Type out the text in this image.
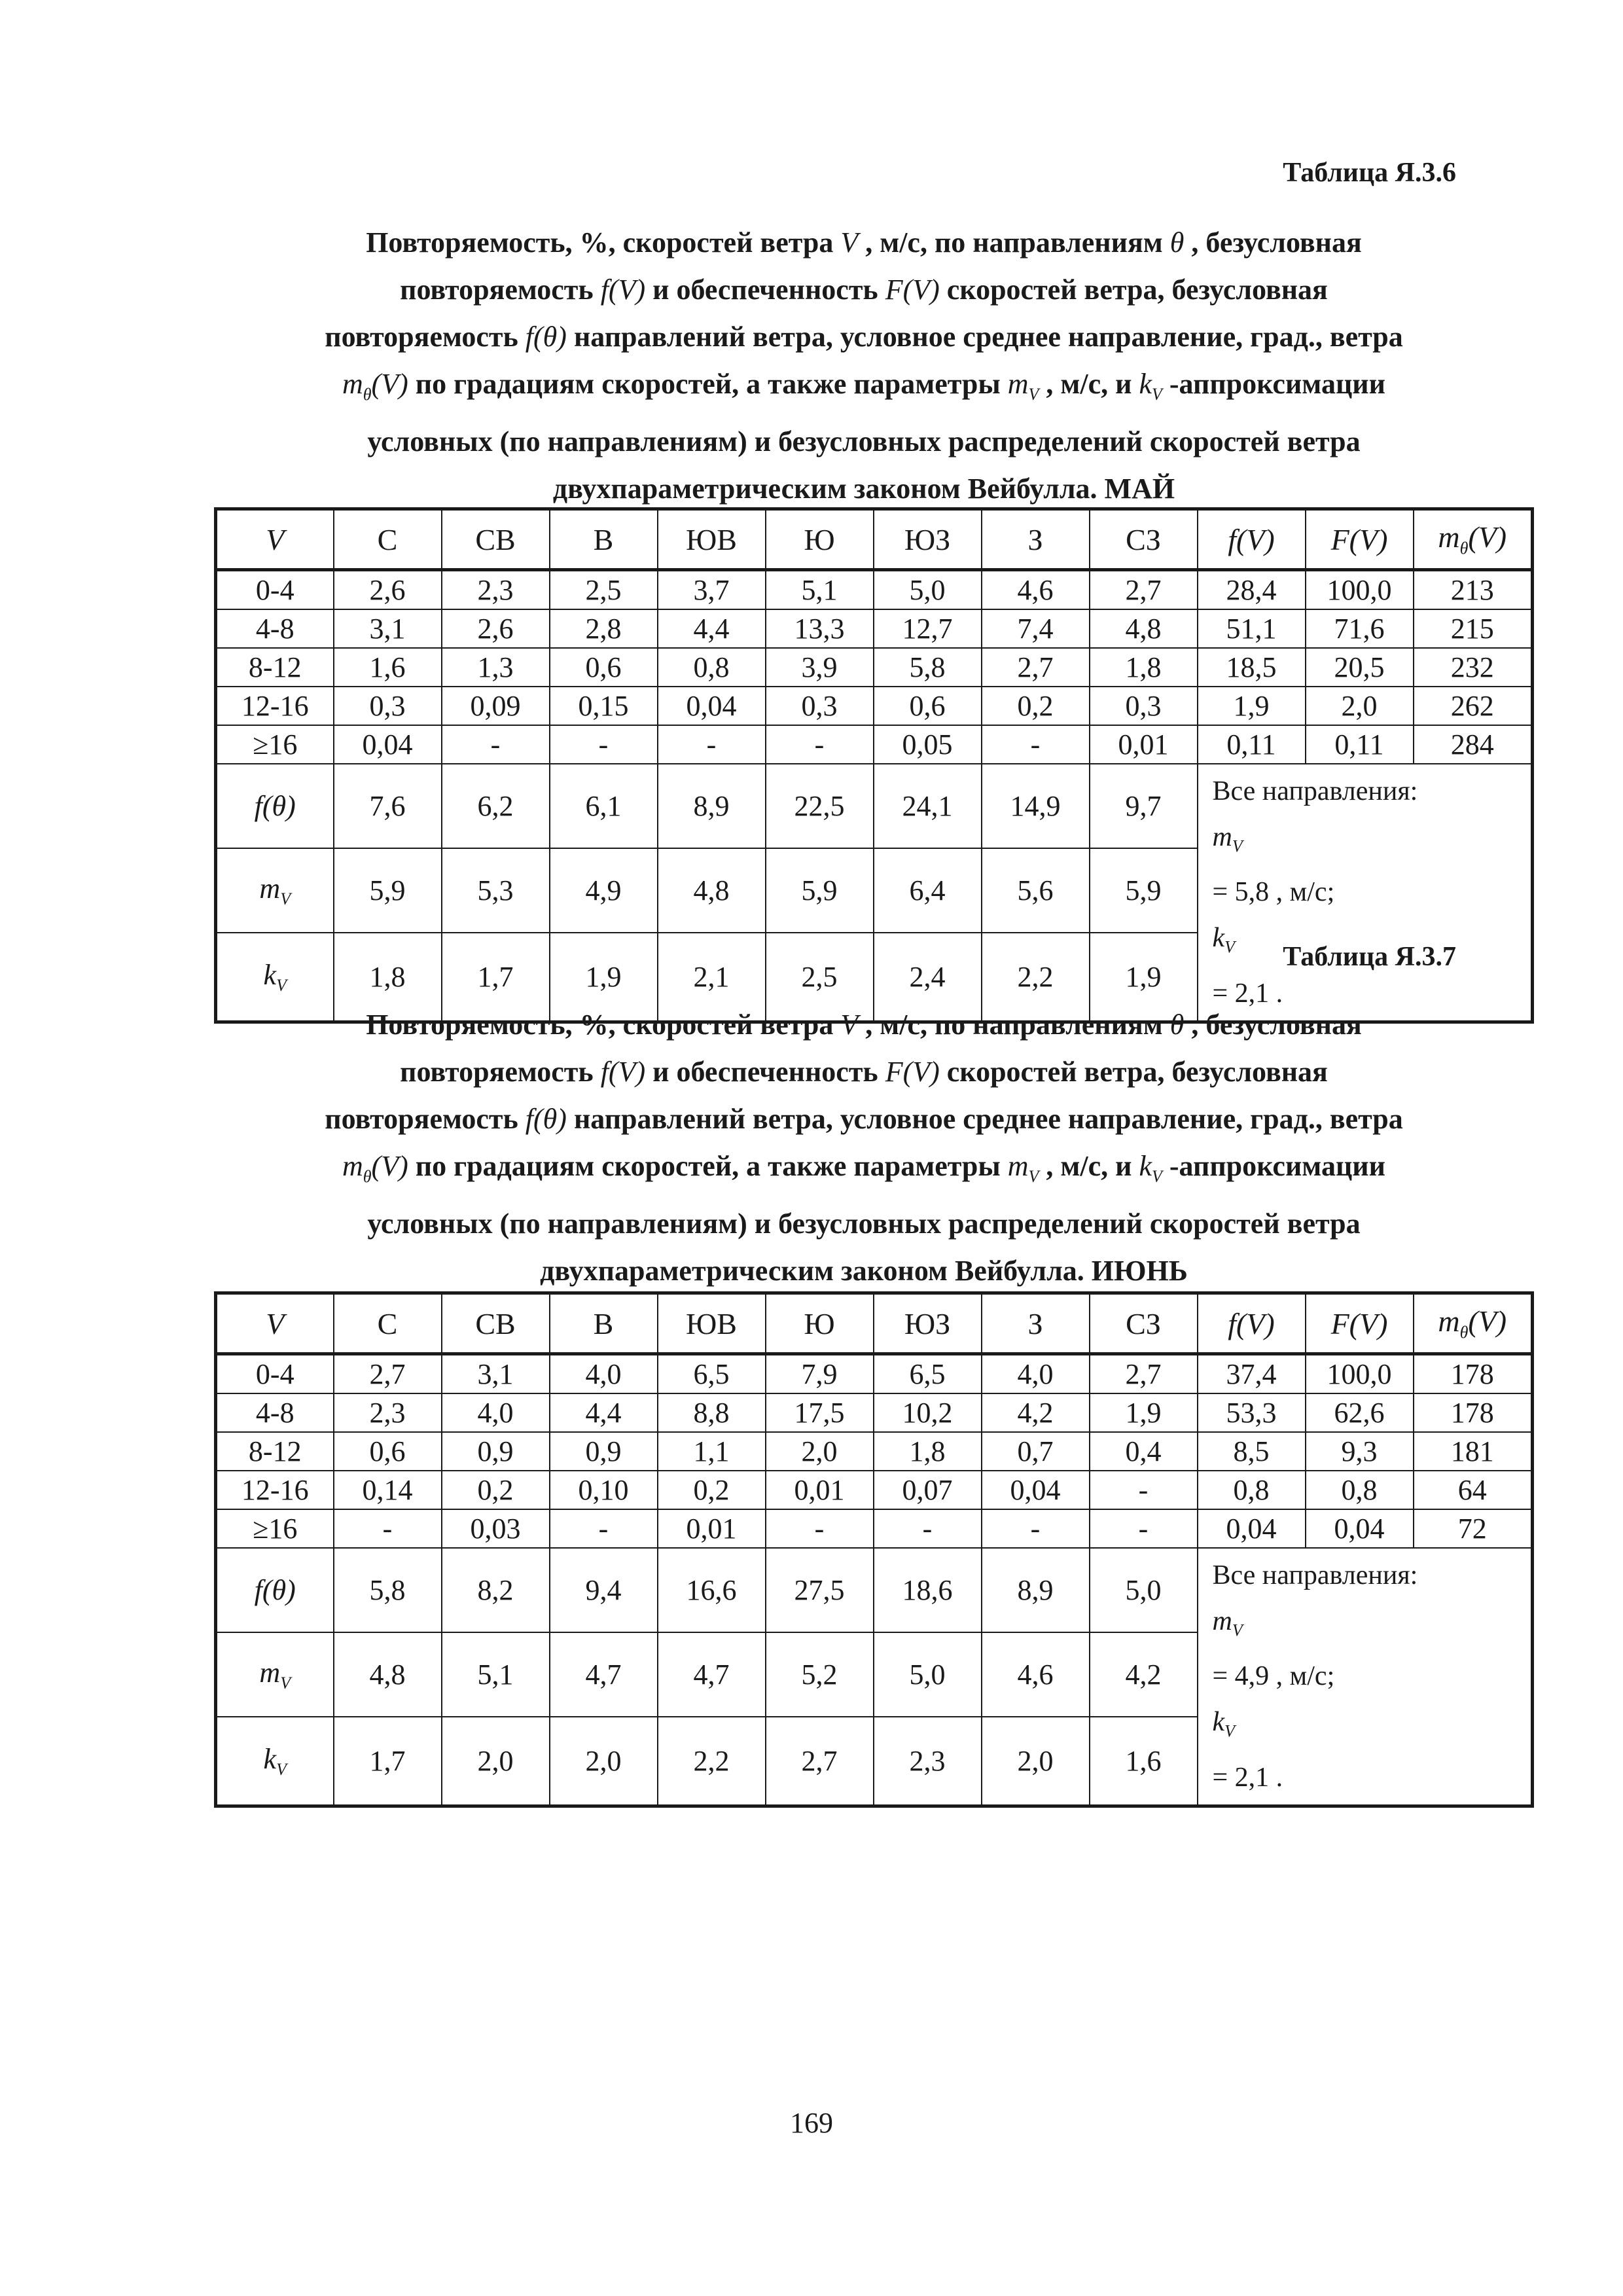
Таблица Я.3.6
Повторяемость, %, скоростей ветра V , м/с, по направлениям θ , безусловная
повторяемость f(V) и обеспеченность F(V) скоростей ветра, безусловная
повторяемость f(θ) направлений ветра, условное среднее направление, град., ветра
$m_\theta(V)$ по градациям скоростей, а также параметры $m_V$ , м/с, и $k_V$ -аппроксимации
условных (по направлениям) и безусловных распределений скоростей ветра
двухпараметрическим законом Вейбулла. МАЙ
V	С	СВ	В	ЮВ	Ю	ЮЗ	З	СЗ	f(V)	F(V)	$m_\theta(V)$
0-4	2,6	2,3	2,5	3,7	5,1	5,0	4,6	2,7	28,4	100,0	213
4-8	3,1	2,6	2,8	4,4	13,3	12,7	7,4	4,8	51,1	71,6	215
8-12	1,6	1,3	0,6	0,8	3,9	5,8	2,7	1,8	18,5	20,5	232
12-16	0,3	0,09	0,15	0,04	0,3	0,6	0,2	0,3	1,9	2,0	262
≥16	0,04	-	-	-	-	0,05	-	0,01	0,11	0,11	284
f(θ)	7,6	6,2	6,1	8,9	22,5	24,1	14,9	9,7	Все направления:
$m_V$
= 5,8 , м/с;
$k_V$
= 2,1 .		

$m_V$	5,9	5,3	4,9	4,8	5,9	6,4	5,6	5,9			
$k_V$	1,8	1,7	1,9	2,1	2,5	2,4	2,2	1,9			
Таблица Я.3.7
Повторяемость, %, скоростей ветра V , м/с, по направлениям θ , безусловная
повторяемость f(V) и обеспеченность F(V) скоростей ветра, безусловная
повторяемость f(θ) направлений ветра, условное среднее направление, град., ветра
$m_\theta(V)$ по градациям скоростей, а также параметры $m_V$ , м/с, и $k_V$ -аппроксимации
условных (по направлениям) и безусловных распределений скоростей ветра
двухпараметрическим законом Вейбулла. ИЮНЬ
V	С	СВ	В	ЮВ	Ю	ЮЗ	З	СЗ	f(V)	F(V)	$m_\theta(V)$
0-4	2,7	3,1	4,0	6,5	7,9	6,5	4,0	2,7	37,4	100,0	178
4-8	2,3	4,0	4,4	8,8	17,5	10,2	4,2	1,9	53,3	62,6	178
8-12	0,6	0,9	0,9	1,1	2,0	1,8	0,7	0,4	8,5	9,3	181
12-16	0,14	0,2	0,10	0,2	0,01	0,07	0,04	-	0,8	0,8	64
≥16	-	0,03	-	0,01	-	-	-	-	0,04	0,04	72
f(θ)	5,8	8,2	9,4	16,6	27,5	18,6	8,9	5,0	Все направления:
$m_V$
= 4,9 , м/с;
$k_V$
= 2,1 .		

$m_V$	4,8	5,1	4,7	4,7	5,2	5,0	4,6	4,2			
$k_V$	1,7	2,0	2,0	2,2	2,7	2,3	2,0	1,6			
169
